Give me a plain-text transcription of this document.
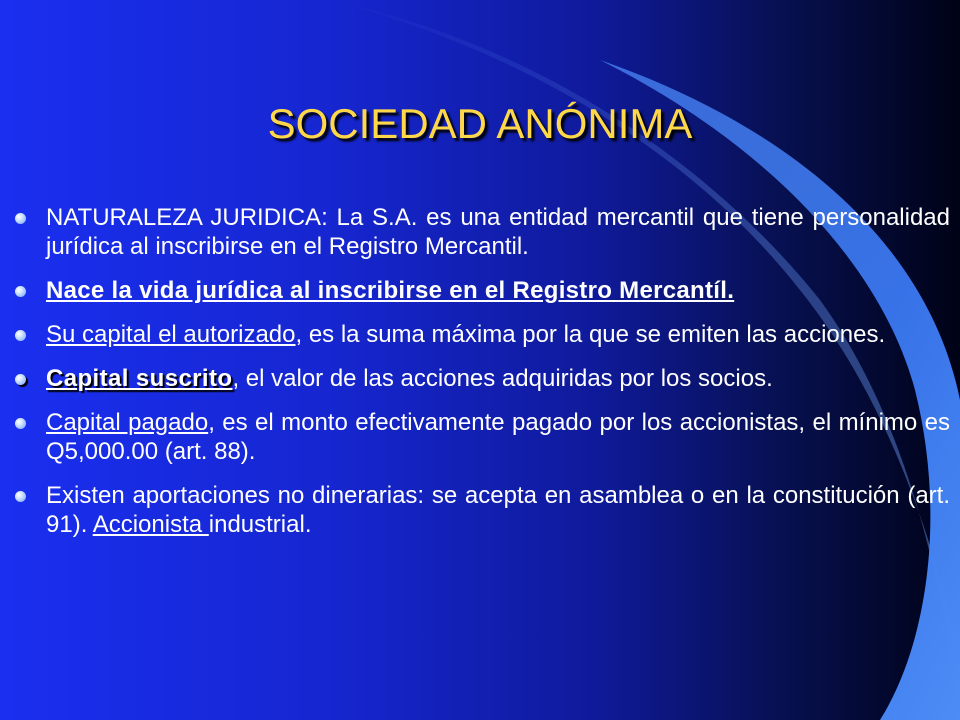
SOCIEDAD ANÓNIMA
NATURALEZA JURIDICA: La S.A. es una entidad mercantil que tiene personalidad jurídica al inscribirse en el Registro Mercantil.
Nace la vida jurídica al inscribirse en el Registro Mercantíl.
Su capital el autorizado, es la suma máxima por la que se emiten las acciones.
Capital suscrito, el valor de las acciones adquiridas por los socios.
Capital pagado, es el monto efectivamente pagado por los accionistas, el mínimo es Q5,000.00 (art. 88).
Existen aportaciones no dinerarias: se acepta en asamblea o en la constitución (art. 91). Accionista industrial.
